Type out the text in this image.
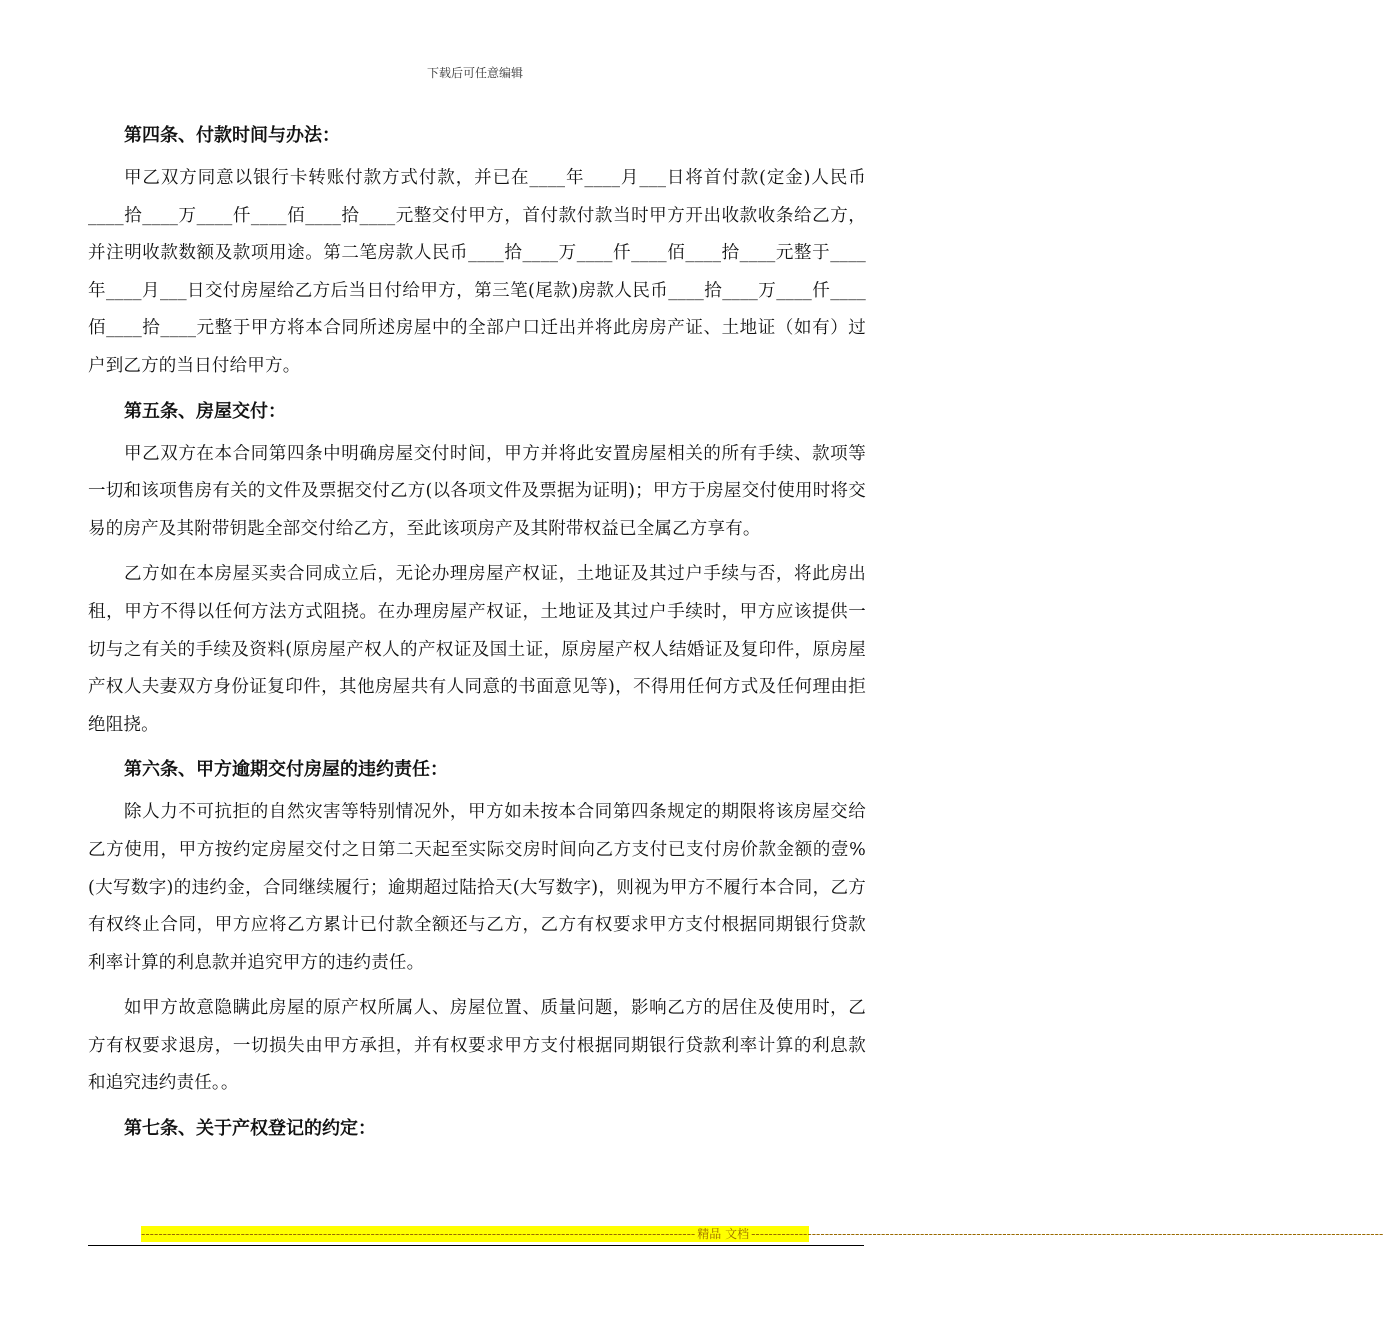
下载后可任意编辑
第四条、付款时间与办法：

甲乙双方同意以银行卡转账付款方式付款，并已在____年____月___日将首付款(定金)人民币____拾____万____仟____佰____拾____元整交付甲方，首付款付款当时甲方开出收款收条给乙方，并注明收款数额及款项用途。第二笔房款人民币____拾____万____仟____佰____拾____元整于____年____月___日交付房屋给乙方后当日付给甲方，第三笔(尾款)房款人民币____拾____万____仟____佰____拾____元整于甲方将本合同所述房屋中的全部户口迁出并将此房房产证、土地证（如有）过户到乙方的当日付给甲方。

第五条、房屋交付：

甲乙双方在本合同第四条中明确房屋交付时间，甲方并将此安置房屋相关的所有手续、款项等一切和该项售房有关的文件及票据交付乙方(以各项文件及票据为证明)；甲方于房屋交付使用时将交易的房产及其附带钥匙全部交付给乙方，至此该项房产及其附带权益已全属乙方享有。

乙方如在本房屋买卖合同成立后，无论办理房屋产权证，土地证及其过户手续与否，将此房出租，甲方不得以任何方法方式阻挠。在办理房屋产权证，土地证及其过户手续时，甲方应该提供一切与之有关的手续及资料(原房屋产权人的产权证及国土证，原房屋产权人结婚证及复印件，原房屋产权人夫妻双方身份证复印件，其他房屋共有人同意的书面意见等)，不得用任何方式及任何理由拒绝阻挠。

第六条、甲方逾期交付房屋的违约责任：

除人力不可抗拒的自然灾害等特别情况外，甲方如未按本合同第四条规定的期限将该房屋交给乙方使用，甲方按约定房屋交付之日第二天起至实际交房时间向乙方支付已支付房价款金额的壹%(大写数字)的违约金，合同继续履行；逾期超过陆拾天(大写数字)，则视为甲方不履行本合同，乙方有权终止合同，甲方应将乙方累计已付款全额还与乙方，乙方有权要求甲方支付根据同期银行贷款利率计算的利息款并追究甲方的违约责任。

如甲方故意隐瞒此房屋的原产权所属人、房屋位置、质量问题，影响乙方的居住及使用时，乙方有权要求退房，一切损失由甲方承担，并有权要求甲方支付根据同期银行贷款利率计算的利息款和追究违约责任。。

第七条、关于产权登记的约定：
-------------------------------------------------------------------------------------------------------------------------------- 精品 文档 --------------------------------------------------------------------------------------------------------------------------------------------------
